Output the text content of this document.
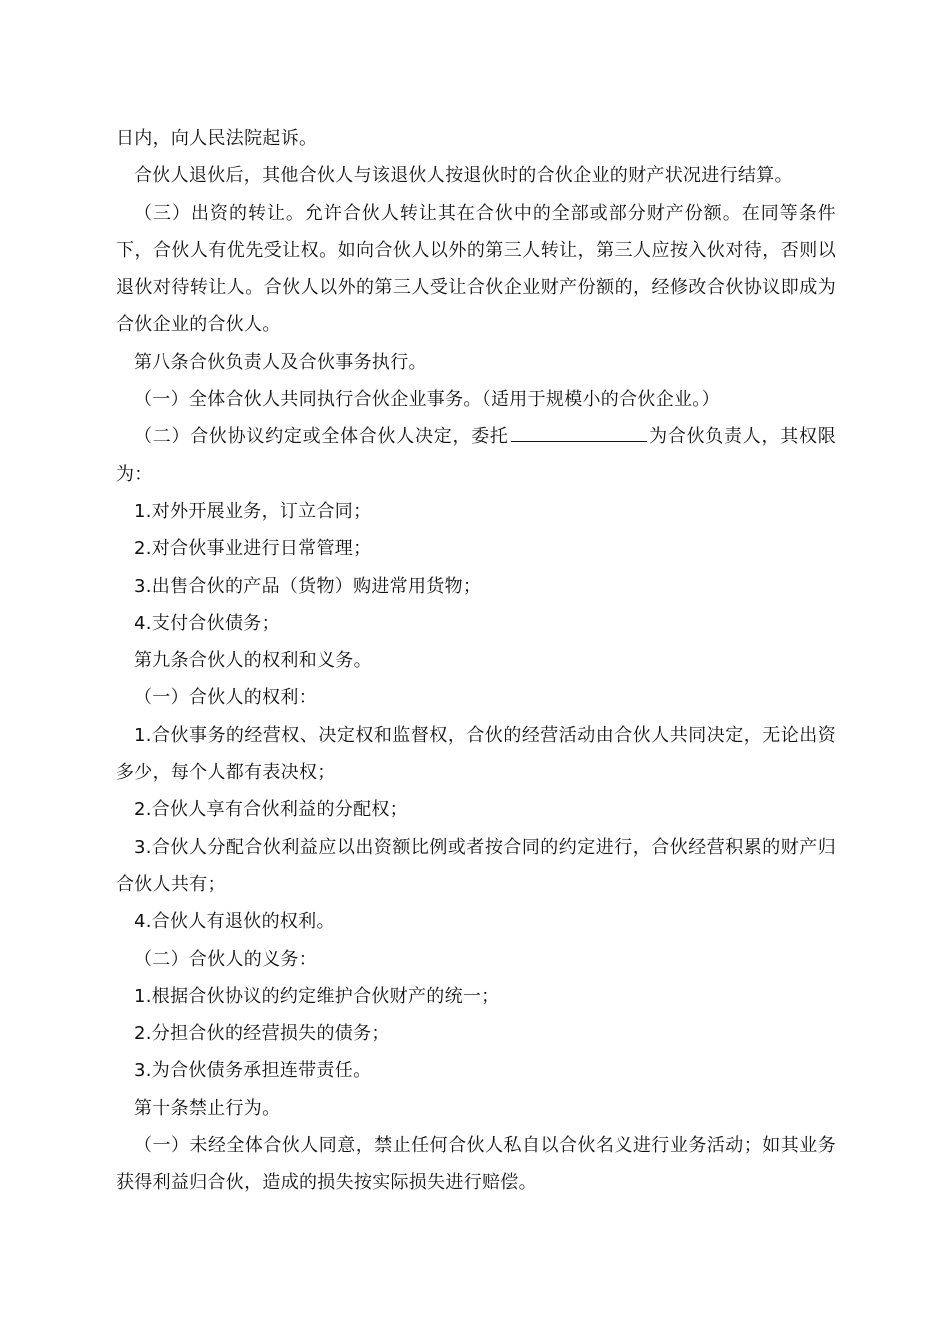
日内，向人民法院起诉。

合伙人退伙后，其他合伙人与该退伙人按退伙时的合伙企业的财产状况进行结算。

（三）出资的转让。允许合伙人转让其在合伙中的全部或部分财产份额。在同等条件下，合伙人有优先受让权。如向合伙人以外的第三人转让，第三人应按入伙对待，否则以退伙对待转让人。合伙人以外的第三人受让合伙企业财产份额的，经修改合伙协议即成为合伙企业的合伙人。

第八条合伙负责人及合伙事务执行。

（一）全体合伙人共同执行合伙企业事务。（适用于规模小的合伙企业。）

（二）合伙协议约定或全体合伙人决定，委托	为合伙负责人，其权限为：

1.对外开展业务，订立合同；

2.对合伙事业进行日常管理；

3.出售合伙的产品（货物）购进常用货物；

4.支付合伙债务；

第九条合伙人的权利和义务。

（一）合伙人的权利：

1.合伙事务的经营权、决定权和监督权，合伙的经营活动由合伙人共同决定，无论出资多少，每个人都有表决权；

2.合伙人享有合伙利益的分配权；

3.合伙人分配合伙利益应以出资额比例或者按合同的约定进行，合伙经营积累的财产归合伙人共有；

4.合伙人有退伙的权利。

（二）合伙人的义务：

1.根据合伙协议的约定维护合伙财产的统一；

2.分担合伙的经营损失的债务；

3.为合伙债务承担连带责任。

第十条禁止行为。

（一）未经全体合伙人同意，禁止任何合伙人私自以合伙名义进行业务活动；如其业务获得利益归合伙，造成的损失按实际损失进行赔偿。
